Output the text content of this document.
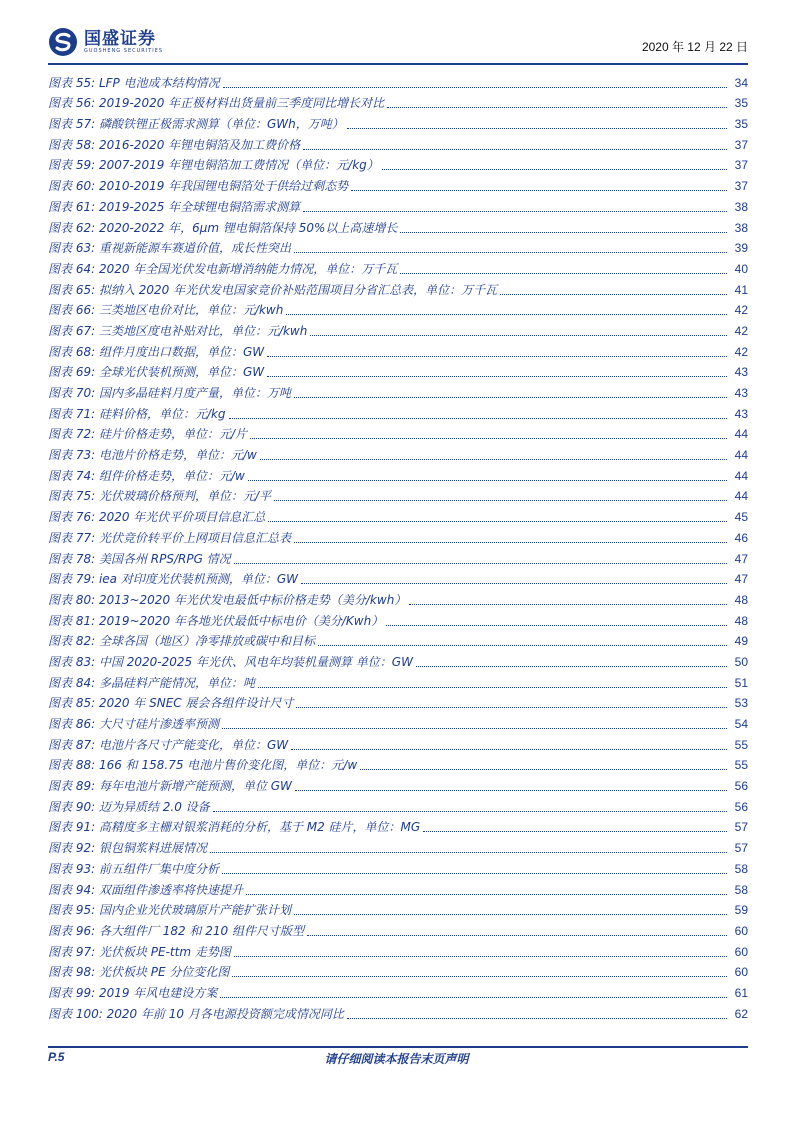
国盛证券
GUOSHENG SECURITIES	2020 年 12 月 22 日
图表 55: LFP 电池成本结构情况	34
图表 56: 2019-2020 年正极材料出货量前三季度同比增长对比	35
图表 57: 磷酸铁锂正极需求测算（单位：GWh，万吨）	35
图表 58: 2016-2020 年锂电铜箔及加工费价格	37
图表 59: 2007-2019 年锂电铜箔加工费情况（单位：元/kg）	37
图表 60: 2010-2019 年我国锂电铜箔处于供给过剩态势	37
图表 61: 2019-2025 年全球锂电铜箔需求测算	38
图表 62: 2020-2022 年，6μm 锂电铜箔保持 50%以上高速增长	38
图表 63: 重视新能源车赛道价值，成长性突出	39
图表 64: 2020 年全国光伏发电新增消纳能力情况，单位：万千瓦	40
图表 65: 拟纳入 2020 年光伏发电国家竞价补贴范围项目分省汇总表，单位：万千瓦	41
图表 66: 三类地区电价对比，单位：元/kwh	42
图表 67: 三类地区度电补贴对比，单位：元/kwh	42
图表 68: 组件月度出口数据，单位：GW	42
图表 69: 全球光伏装机预测，单位：GW	43
图表 70: 国内多晶硅料月度产量，单位：万吨	43
图表 71: 硅料价格，单位：元/kg	43
图表 72: 硅片价格走势，单位：元/片	44
图表 73: 电池片价格走势，单位：元/w	44
图表 74: 组件价格走势，单位：元/w	44
图表 75: 光伏玻璃价格预判，单位：元/平	44
图表 76: 2020 年光伏平价项目信息汇总	45
图表 77: 光伏竞价转平价上网项目信息汇总表	46
图表 78: 美国各州 RPS/RPG 情况	47
图表 79: iea 对印度光伏装机预测，单位：GW	47
图表 80: 2013~2020 年光伏发电最低中标价格走势（美分/kwh）	48
图表 81: 2019~2020 年各地光伏最低中标电价（美分/Kwh）	48
图表 82: 全球各国（地区）净零排放或碳中和目标	49
图表 83: 中国 2020-2025 年光伏、风电年均装机量测算 单位：GW	50
图表 84: 多晶硅料产能情况，单位：吨	51
图表 85: 2020 年 SNEC 展会各组件设计尺寸	53
图表 86: 大尺寸硅片渗透率预测	54
图表 87: 电池片各尺寸产能变化，单位：GW	55
图表 88: 166 和 158.75 电池片售价变化图，单位：元/w	55
图表 89: 每年电池片新增产能预测，单位 GW	56
图表 90: 迈为异质结 2.0 设备	56
图表 91: 高精度多主栅对银浆消耗的分析，基于 M2 硅片，单位：MG	57
图表 92: 银包铜浆料进展情况	57
图表 93: 前五组件厂集中度分析	58
图表 94: 双面组件渗透率将快速提升	58
图表 95: 国内企业光伏玻璃原片产能扩张计划	59
图表 96: 各大组件厂 182 和 210 组件尺寸版型	60
图表 97: 光伏板块 PE-ttm 走势图	60
图表 98: 光伏板块 PE 分位变化图	60
图表 99: 2019 年风电建设方案	61
图表 100: 2020 年前 10 月各电源投资额完成情况同比	62
P.5	请仔细阅读本报告末页声明
